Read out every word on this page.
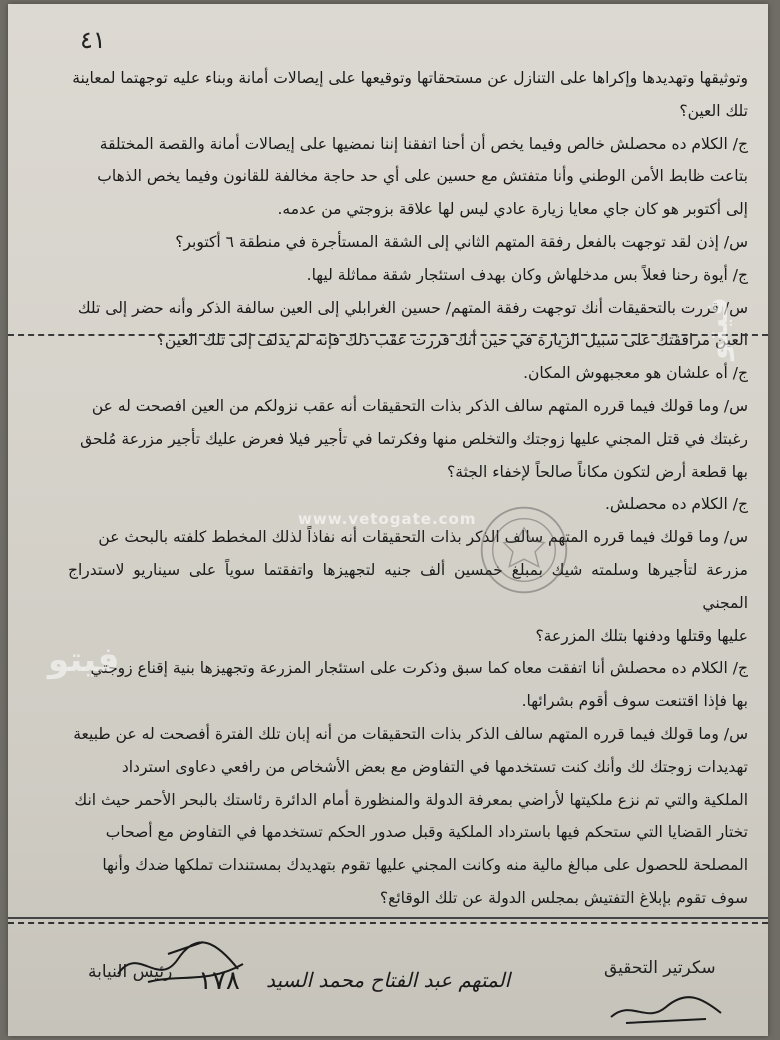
٤١

وتوثيقها وتهديدها وإكراها على التنازل عن مستحقاتها وتوقيعها على إيصالات أمانة وبناء عليه توجهتما لمعاينة

تلك العين؟

ج/ الكلام ده محصلش خالص وفيما يخص أن أحنا اتفقنا إننا نمضيها على إيصالات أمانة والقصة المختلقة

بتاعت ظابط الأمن الوطني وأنا متفتش مع حسين على أي حد حاجة مخالفة للقانون وفيما يخص الذهاب

إلى أكتوبر هو كان جاي معايا زيارة عادي ليس لها علاقة بزوجتي من عدمه.

س/ إذن لقد توجهت بالفعل رفقة المتهم الثاني إلى الشقة المستأجرة في منطقة ٦ أكتوبر؟

ج/ أيوة رحنا فعلاً بس مدخلهاش وكان بهدف استئجار شقة مماثلة ليها.

س/ قررت بالتحقيقات أنك توجهت رفقة المتهم/ حسين الغرابلي إلى العين سالفة الذكر وأنه حضر إلى تلك

العين مرافقتك على سبيل الزيارة في حين أنك قررت عقب ذلك فإنه لم يدلف إلى تلك العين؟

ج/ أه علشان هو معجبهوش المكان.

س/ وما قولك فيما قرره المتهم سالف الذكر بذات التحقيقات أنه عقب نزولكم من العين افصحت له عن

رغبتك في قتل المجني عليها زوجتك والتخلص منها وفكرتما في تأجير فيلا فعرض عليك تأجير مزرعة مُلحق

بها قطعة أرض لتكون مكاناً صالحاً لإخفاء الجثة؟

ج/ الكلام ده محصلش.

س/ وما قولك فيما قرره المتهم سالف الذكر بذات التحقيقات أنه نفاذاً لذلك المخطط كلفته بالبحث عن

مزرعة لتأجيرها وسلمته شيك بمبلغ خمسين ألف جنيه لتجهيزها واتفقتما سوياً على سيناريو لاستدراج المجني

عليها وقتلها ودفنها بتلك المزرعة؟

ج/ الكلام ده محصلش أنا اتفقت معاه كما سبق وذكرت على استئجار المزرعة وتجهيزها بنية إقناع زوجتي

بها فإذا اقتنعت سوف أقوم بشرائها.

س/ وما قولك فيما قرره المتهم سالف الذكر بذات التحقيقات من أنه إبان تلك الفترة أفصحت له عن طبيعة

تهديدات زوجتك لك وأنك كنت تستخدمها في التفاوض مع بعض الأشخاص من رافعي دعاوى استرداد

الملكية والتي تم نزع ملكيتها لأراضي بمعرفة الدولة والمنظورة أمام الدائرة رئاستك بالبحر الأحمر حيث انك

تختار القضايا التي ستحكم فيها باسترداد الملكية وقبل صدور الحكم تستخدمها في التفاوض مع أصحاب

المصلحة للحصول على مبالغ مالية منه وكانت المجني عليها تقوم بتهديدك بمستندات تملكها ضدك وأنها

سوف تقوم بإبلاغ التفتيش بمجلس الدولة عن تلك الوقائع؟

فيتو
www.vetogate.com
فيتو
سكرتير التحقيق
رئيس النيابة ١٧٨ المتهم عبد الفتاح محمد السيد
